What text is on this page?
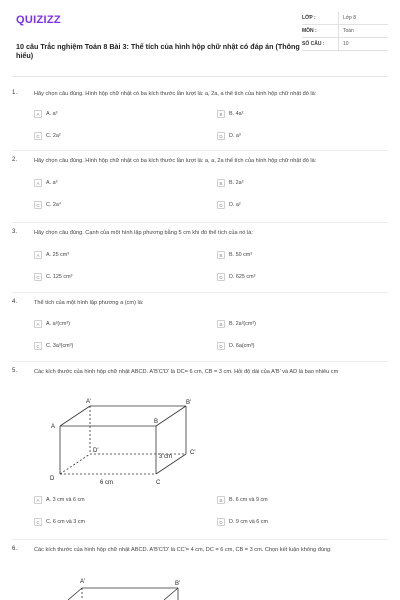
QUIZIZZ
10 câu Trắc nghiệm Toán 8 Bài 3: Thể tích của hình hộp chữ nhật có đáp án (Thông hiểu)
LỚP :	Lớp 8
MÔN :	Toán
SỐ CÂU :	10
1.	Hãy chọn câu đúng. Hình hộp chữ nhật có ba kích thước lần lượt là: a, 2a, a thể tích của hình hộp chữ nhật đó là:
A	A. a³	B	B. 4a²
C	C. 2a²	D	D. a³
2.	Hãy chọn câu đúng. Hình hộp chữ nhật có ba kích thước lần lượt là: a, a, 2a thể tích của hình hộp chữ nhật đó là:
A	A. a³	B	B. 2a³
C	C. 2a⁴	D	D. a²
3.	Hãy chọn câu đúng. Cạnh của một hình lập phương bằng 5 cm khi đó thể tích của nó là:
A	A. 25 cm³	B	B. 50 cm³
C	C. 125 cm³	D	D. 625 cm³
4.	Thể tích của một hình lập phương a (cm) là:
A	A. a³(cm³)	B	B. 2a³(cm³)
C	C. 3a³(cm³)	D	D. 6a(cm³)
5.	Các kích thước của hình hộp chữ nhật ABCD. A'B'C'D' là DC= 6 cm, CB = 3 cm. Hỏi độ dài của A'B' và AD là bao nhiêu cm
A'	B'
A
B
D'	C'
3 cm
D
C
6 cm
A	A. 3 cm và 6 cm	B	B. 6 cm và 9 cm
C	C. 6 cm và 3 cm	D	D. 9 cm và 6 cm
6.	Các kích thước của hình hộp chữ nhật ABCD. A'B'C'D' là CC'= 4 cm, DC = 6 cm, CB = 3 cm. Chọn kết luận không đúng:
A'	B'
